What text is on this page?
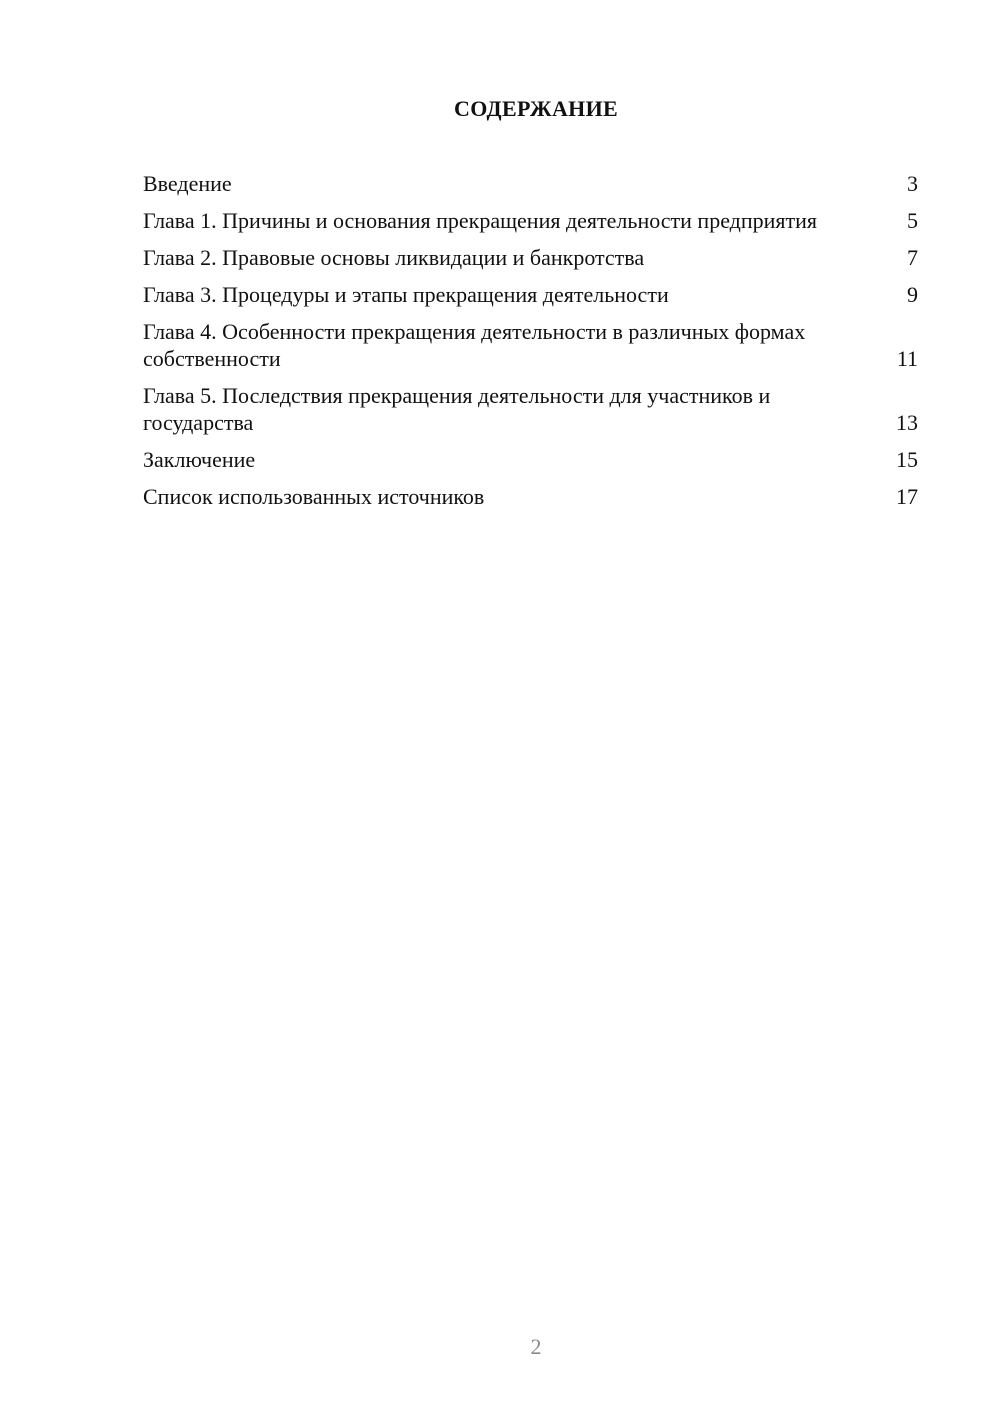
СОДЕРЖАНИЕ
Введение	3
Глава 1. Причины и основания прекращения деятельности предприятия	5
Глава 2. Правовые основы ликвидации и банкротства	7
Глава 3. Процедуры и этапы прекращения деятельности	9
Глава 4. Особенности прекращения деятельности в различных формах собственности	11
Глава 5. Последствия прекращения деятельности для участников и государства	13
Заключение	15
Список использованных источников	17
2
